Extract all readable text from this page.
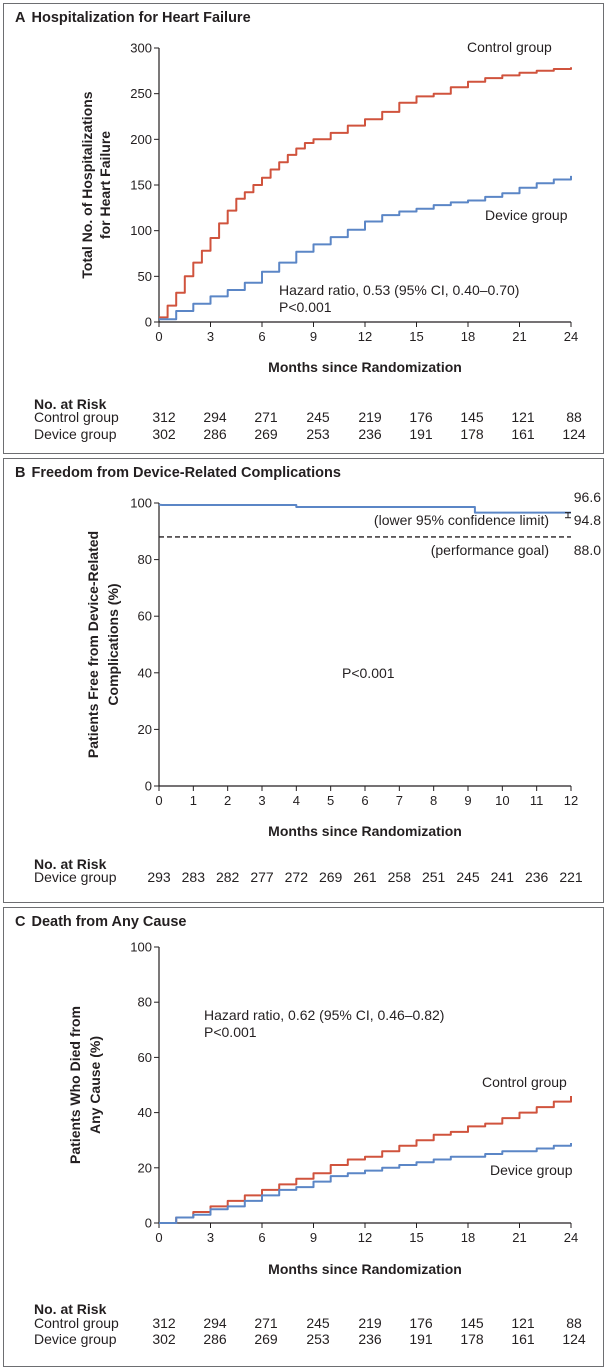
A Hospitalization for Heart Failure
0
50
100
150
200
250
300
0	3	6	9	12	15	18	21	24
Total No. of Hospitalizations for Heart Failure
Months since Randomization
Control group
Device group
Hazard ratio, 0.53 (95% CI, 0.40–0.70)
P<0.001
No. at Risk
Control group 312 294 271 245 219 176 145 121 88
Device group	302 286 269 253 236 191 178 161 124
B Freedom from Device-Related Complications
0
20
40
60
80
100
0 1 2 3 4 5 6 7 8 9 10 11 12
Patients Free from Device-Related Complications (%)
Months since Randomization
(performance goal) 88.0
96.6
(lower 95% confidence limit) 94.8
P<0.001
No. at Risk
Device group 293 283 282 277 272 269 261 258 251 245 241 236 221
C Death from Any Cause
0
20
40
60
80
100
0	3	6	9	12	15	18	21	24
Patients Who Died from Any Cause (%)
Months since Randomization
Control group
Device group
Hazard ratio, 0.62 (95% CI, 0.46–0.82)
P<0.001
No. at Risk
Control group 312 294 271 245 219 176 145 121 88
Device group	302 286 269 253 236 191 178 161 124
